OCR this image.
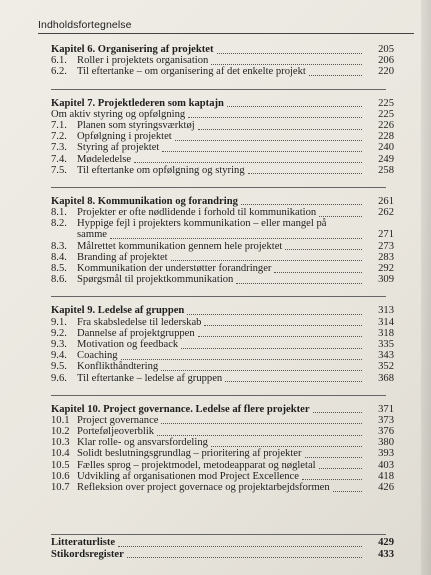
Indholdsfortegnelse
Kapitel 6. Organisering af projektet	205
6.1. Roller i projektets organisation	206
6.2. Til eftertanke – om organisering af det enkelte projekt	220
Kapitel 7. Projektlederen som kaptajn	225
Om aktiv styring og opfølgning	225
7.1. Planen som styringsværktøj	226
7.2. Opfølgning i projektet	228
7.3. Styring af projektet	240
7.4. Mødeledelse	249
7.5. Til eftertanke om opfølgning og styring	258
Kapitel 8. Kommunikation og forandring	261
8.1. Projekter er ofte nødlidende i forhold til kommunikation	262
8.2. Hyppige fejl i projekters kommunikation – eller mangel på
samme	271
8.3. Målrettet kommunikation gennem hele projektet	273
8.4. Branding af projektet	283
8.5. Kommunikation der understøtter forandringer	292
8.6. Spørgsmål til projektkommunikation	309
Kapitel 9. Ledelse af gruppen	313
9.1. Fra skabsledelse til lederskab	314
9.2. Dannelse af projektgruppen	318
9.3. Motivation og feedback	335
9.4. Coaching	343
9.5. Konflikthåndtering	352
9.6. Til eftertanke – ledelse af gruppen	368
Kapitel 10. Project governance. Ledelse af flere projekter	371
10.1 Project governance	373
10.2 Porteføljeoverblik	376
10.3 Klar rolle- og ansvarsfordeling	380
10.4 Solidt beslutningsgrundlag – prioritering af projekter	393
10.5 Fælles sprog – projektmodel, metodeapparat og nøgletal	403
10.6 Udvikling af organisationen mod Project Excellence	418
10.7 Refleksion over project governace og projektarbejdsformen	426
Litteraturliste	429
Stikordsregister	433
